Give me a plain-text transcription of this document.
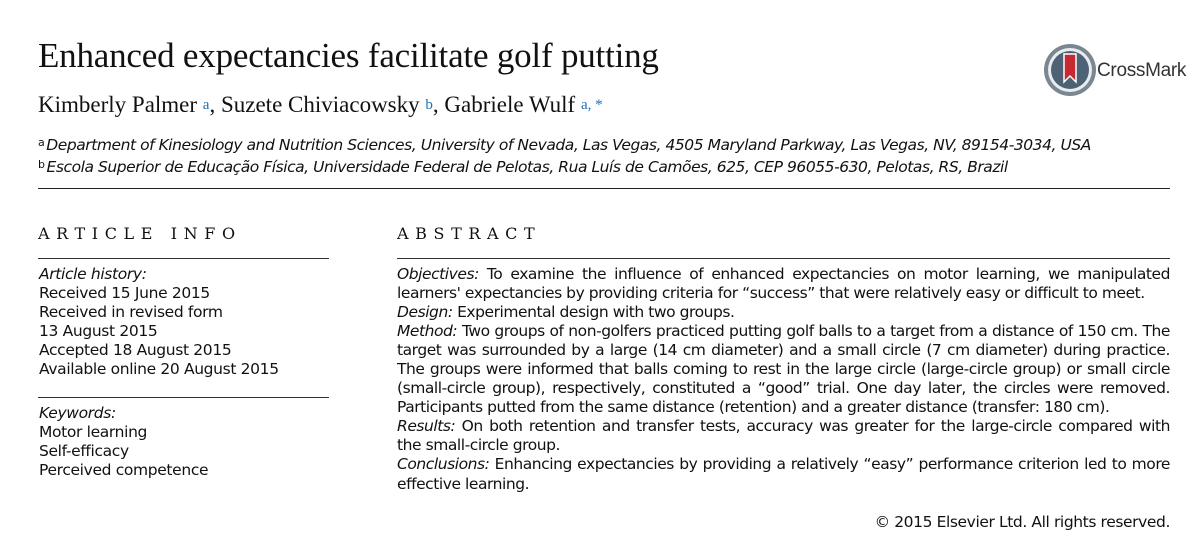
Enhanced expectancies facilitate golf putting	CrossMark
Kimberly Palmer $^a$, Suzete Chiviacowsky $^b$, Gabriele Wulf $^{a, *}$
$^a$ Department of Kinesiology and Nutrition Sciences, University of Nevada, Las Vegas, 4505 Maryland Parkway, Las Vegas, NV, 89154-3034, USA
$^b$ Escola Superior de Educação Física, Universidade Federal de Pelotas, Rua Luís de Camões, 625, CEP 96055-630, Pelotas, RS, Brazil
ARTICLE INFO	ABSTRACT
Article history:
Received 15 June 2015
Received in revised form
13 August 2015
Accepted 18 August 2015
Available online 20 August 2015
Keywords:
Motor learning
Self-efficacy
Perceived competence

Objectives: To examine the influence of enhanced expectancies on motor learning, we manipulated learners' expectancies by providing criteria for “success” that were relatively easy or difficult to meet.

Design: Experimental design with two groups.

Method: Two groups of non-golfers practiced putting golf balls to a target from a distance of 150 cm. The target was surrounded by a large (14 cm diameter) and a small circle (7 cm diameter) during practice. The groups were informed that balls coming to rest in the large circle (large-circle group) or small circle (small-circle group), respectively, constituted a “good” trial. One day later, the circles were removed. Participants putted from the same distance (retention) and a greater distance (transfer: 180 cm).

Results: On both retention and transfer tests, accuracy was greater for the large-circle compared with the small-circle group.

Conclusions: Enhancing expectancies by providing a relatively “easy” performance criterion led to more effective learning.

© 2015 Elsevier Ltd. All rights reserved.
